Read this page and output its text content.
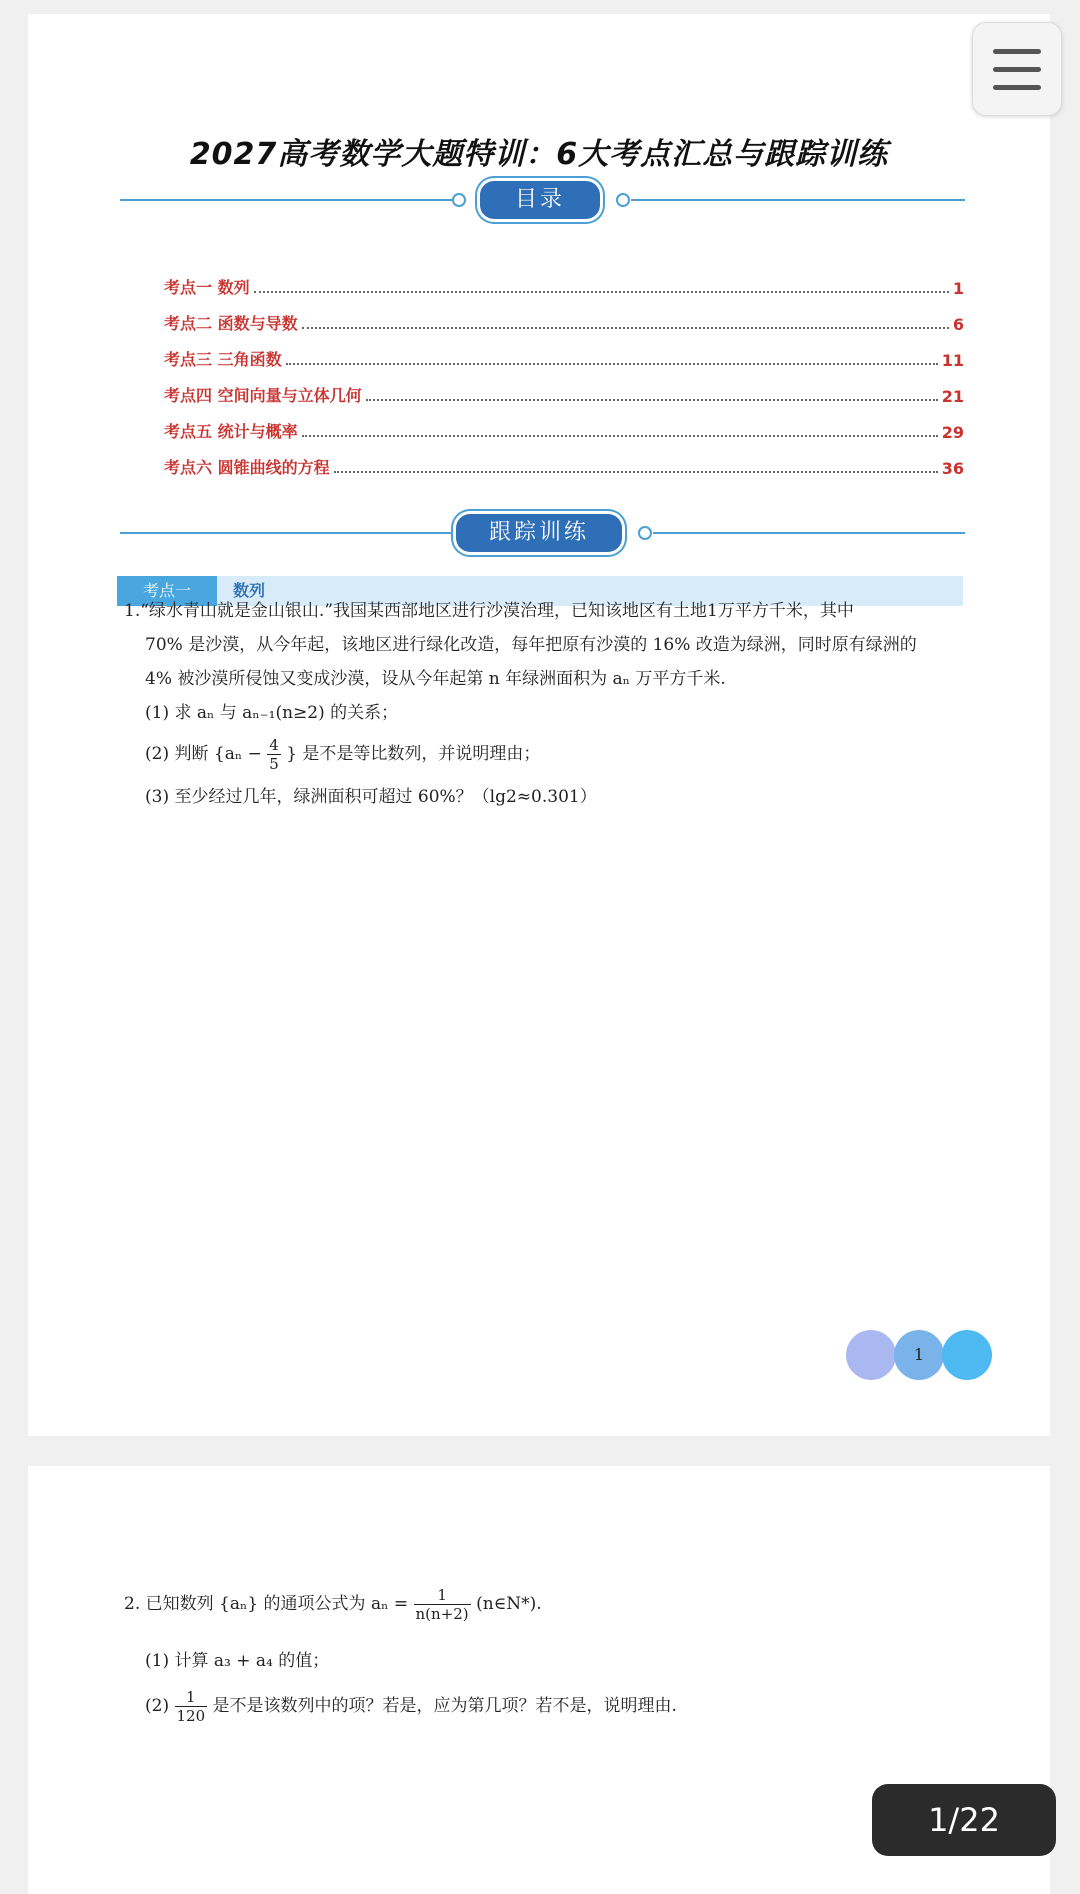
2027高考数学大题特训：6大考点汇总与跟踪训练
目录
考点一 数列	1
考点二 函数与导数	6
考点三 三角函数	11
考点四 空间向量与立体几何	21
考点五 统计与概率	29
考点六 圆锥曲线的方程	36
跟踪训练
考点一	数列
1.“绿水青山就是金山银山.”我国某西部地区进行沙漠治理，已知该地区有土地1万平方千米，其中
70% 是沙漠，从今年起，该地区进行绿化改造，每年把原有沙漠的 16% 改造为绿洲，同时原有绿洲的
4% 被沙漠所侵蚀又变成沙漠，设从今年起第 n 年绿洲面积为 aₙ 万平方千米.
(1) 求 aₙ 与 aₙ₋₁(n≥2) 的关系；
(2) 判断 {$a_n - \frac{4}{5}$ } 是不是等比数列，并说明理由；
(3) 至少经过几年，绿洲面积可超过 60%？（lg2≈0.301）
1
2. 已知数列 {aₙ} 的通项公式为 $a_n = \frac{1}{n(n+2)}$ (n∈N*).
(1) 计算 a₃ + a₄ 的值；
$(2) \frac{1}{120}$ 是不是该数列中的项？若是，应为第几项？若不是，说明理由.
1/22
